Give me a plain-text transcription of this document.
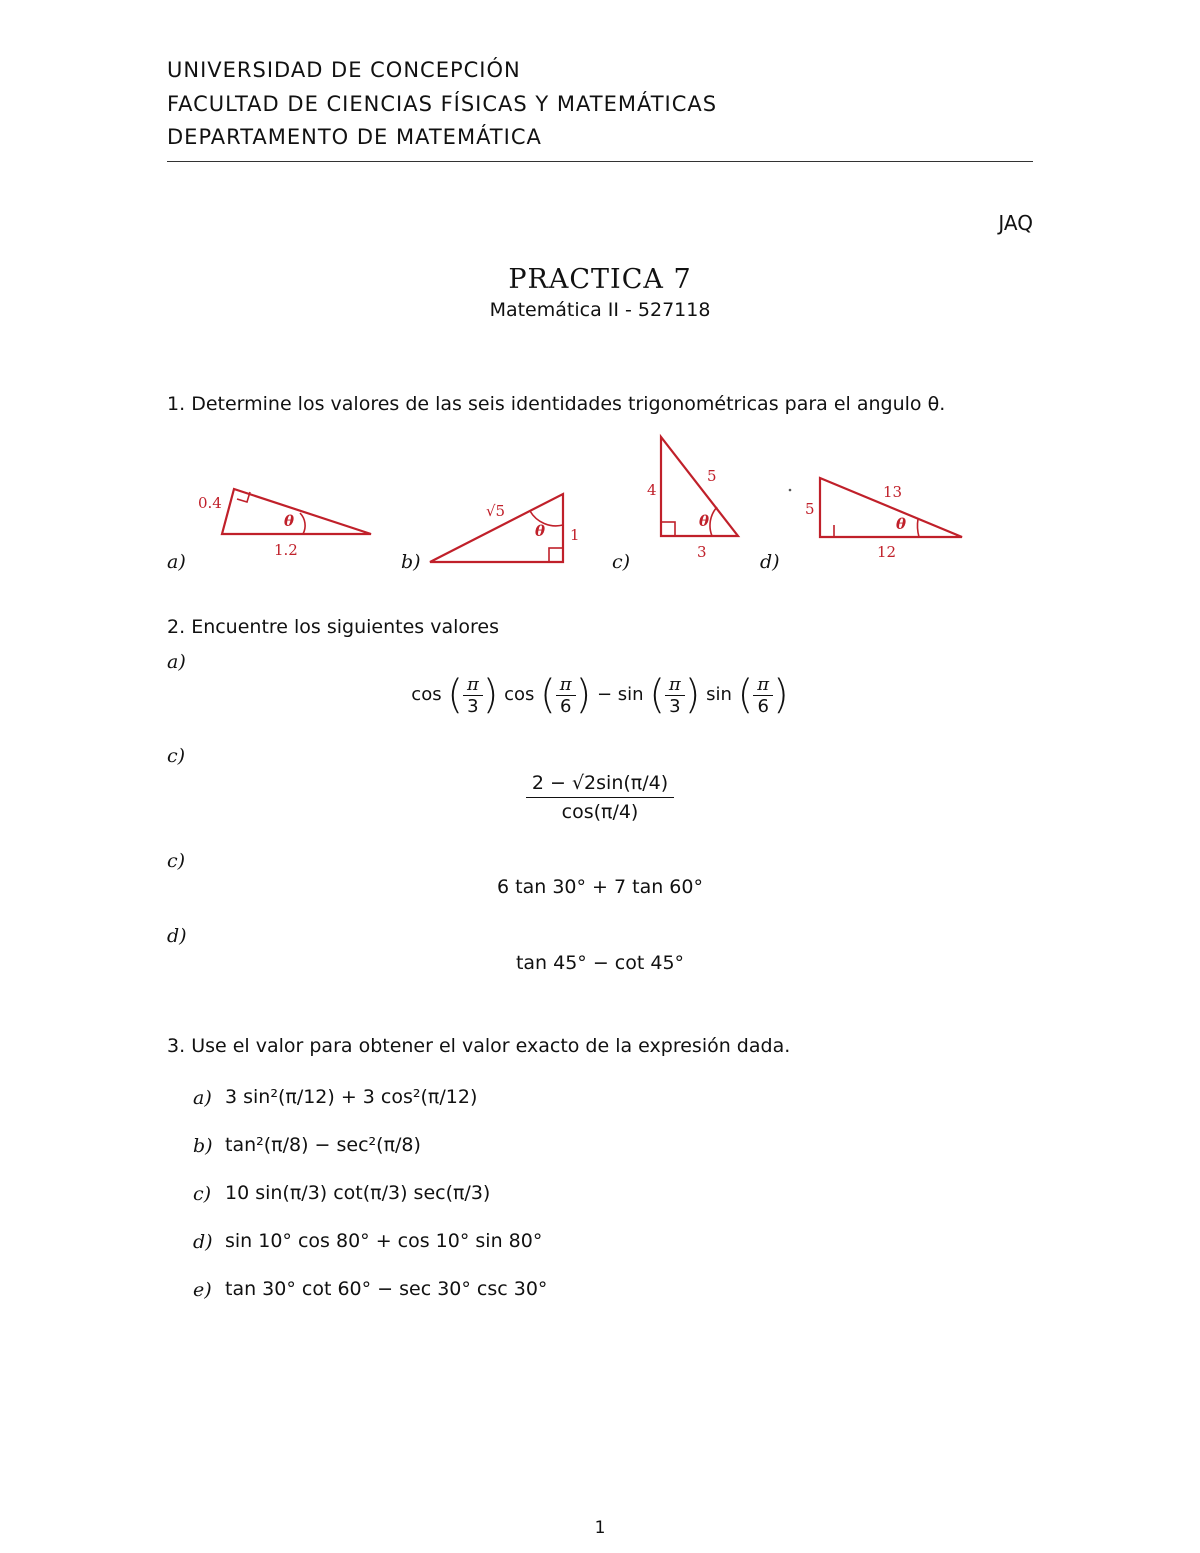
UNIVERSIDAD DE CONCEPCIÓN
FACULTAD DE CIENCIAS FÍSICAS Y MATEMÁTICAS
DEPARTAMENTO DE MATEMÁTICA
JAQ
PRACTICA 7
Matemática II - 527118
1. Determine los valores de las seis identidades trigonométricas para el angulo θ.
a)
0.4
1.2
θ
√5
1
θ
4
5
3
θ
5
13
12
θ
b)	c)	d)
2. Encuentre los siguientes valores
a)
cos ( $\frac{\pi}{3}$ ) cos ( $\frac{\pi}{6}$ ) − sin ( $\frac{\pi}{3}$ ) sin ( $\frac{\pi}{6}$ )
c)
$\frac{2 - √2\sin(\pi/4)}{\cos(\pi/4)}$
c)
6 tan 30° + 7 tan 60°
d)
tan 45° − cot 45°
3. Use el valor para obtener el valor exacto de la expresión dada.
a) 3 sin²(π/12) + 3 cos²(π/12)
b) tan²(π/8) − sec²(π/8)
c) 10 sin(π/3) cot(π/3) sec(π/3)
d) sin 10° cos 80° + cos 10° sin 80°
e) tan 30° cot 60° − sec 30° csc 30°
1
